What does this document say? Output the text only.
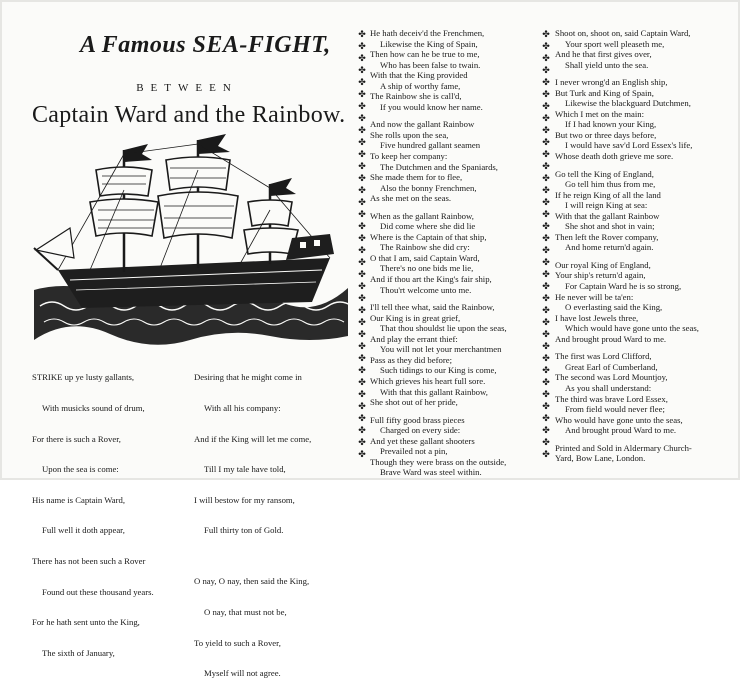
A Famous SEA-FIGHT,
BETWEEN
Captain Ward and the Rainbow.

STRIKE up ye lusty gallants,

With musicks sound of drum,

For there is such a Rover,

Upon the sea is come:

His name is Captain Ward,

Full well it doth appear,

There has not been such a Rover

Found out these thousand years.

For he hath sent unto the King,

The sixth of January,

Desiring that he might come in

With all his company:

And if the King will let me come,

Till I my tale have told,

I will bestow for my ransom,

Full thirty ton of Gold.

O nay, O nay, then said the King,

O nay, that must not be,

To yield to such a Rover,

Myself will not agree.

✤
✤
✤
✤
✤
✤
✤
✤
✤
✤
✤
✤
✤
✤
✤
✤
✤
✤
✤
✤
✤
✤
✤
✤
✤
✤
✤
✤
✤
✤
✤
✤
✤
✤
✤
✤
✤
✤
✤
✤
✤
✤
✤
✤
✤
✤
✤
✤
✤
✤
✤
✤
✤
✤
✤
✤
✤
✤
✤
✤
✤
✤
✤
✤
✤
✤
✤
✤
✤
✤
✤
✤
He hath deceiv'd the Frenchmen,
Likewise the King of Spain,
Then how can he be true to me,
Who has been false to twain.
With that the King provided
A ship of worthy fame,
The Rainbow she is call'd,
If you would know her name.
And now the gallant Rainbow
She rolls upon the sea,
Five hundred gallant seamen
To keep her company:
The Dutchmen and the Spaniards,
She made them for to flee,
Also the bonny Frenchmen,
As she met on the seas.
When as the gallant Rainbow,
Did come where she did lie
Where is the Captain of that ship,
The Rainbow she did cry:
O that I am, said Captain Ward,
There's no one bids me lie,
And if thou art the King's fair ship,
Thou'rt welcome unto me.
I'll tell thee what, said the Rainbow,
Our King is in great grief,
That thou shouldst lie upon the seas,
And play the errant thief:
You will not let your merchantmen
Pass as they did before;
Such tidings to our King is come,
Which grieves his heart full sore.
With that this gallant Rainbow,
She shot out of her pride,
Full fifty good brass pieces
Charged on every side:
And yet these gallant shooters
Prevailed not a pin,
Though they were brass on the outside,
Brave Ward was steel within.
Shoot on, shoot on, said Captain Ward,
Your sport well pleaseth me,
And he that first gives over,
Shall yield unto the sea.
I never wrong'd an English ship,
But Turk and King of Spain,
Likewise the blackguard Dutchmen,
Which I met on the main:
If I had known your King,
But two or three days before,
I would have sav'd Lord Essex's life,
Whose death doth grieve me sore.
Go tell the King of England,
Go tell him thus from me,
If he reign King of all the land
I will reign King at sea:
With that the gallant Rainbow
She shot and shot in vain;
Then left the Rover company,
And home return'd again.
Our royal King of England,
Your ship's return'd again,
For Captain Ward he is so strong,
He never will be ta'en:
O everlasting said the King,
I have lost Jewels three,
Which would have gone unto the seas,
And brought proud Ward to me.
The first was Lord Clifford,
Great Earl of Cumberland,
The second was Lord Mountjoy,
As you shall understand:
The third was brave Lord Essex,
From field would never flee;
Who would have gone unto the seas,
And brought proud Ward to me.
Printed and Sold in Aldermary Church-
Yard, Bow Lane, London.
